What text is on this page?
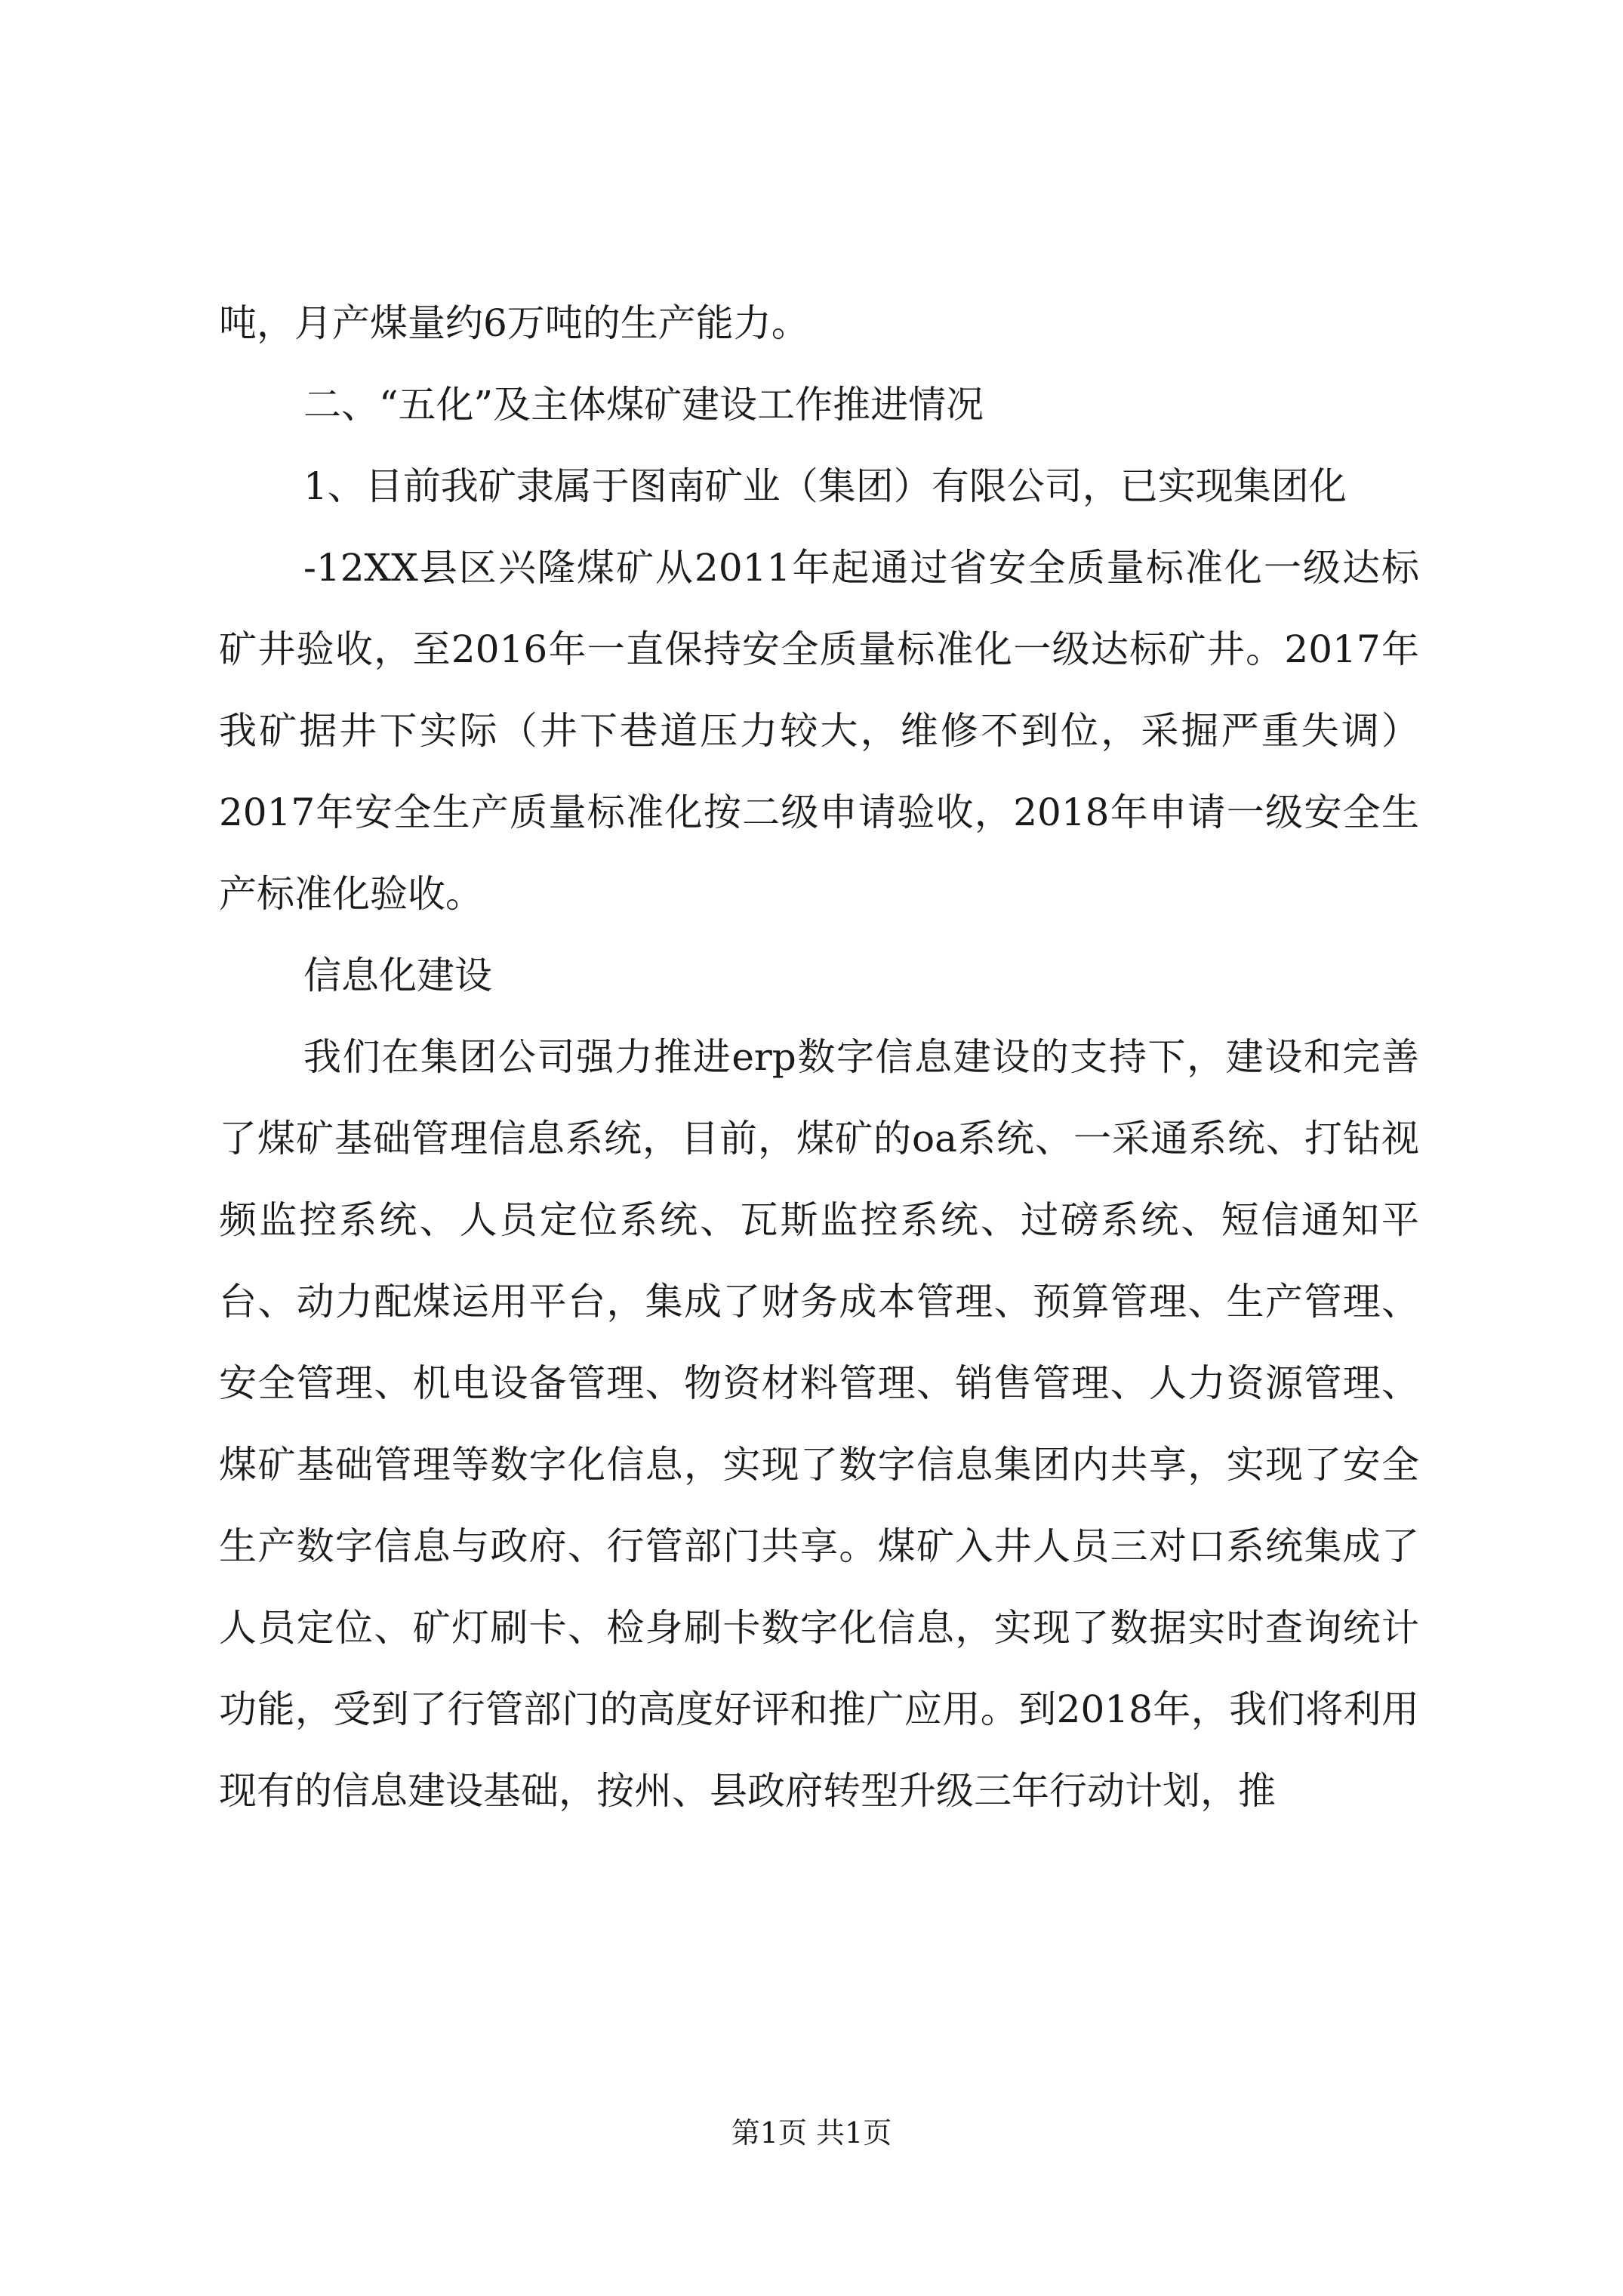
吨，月产煤量约6万吨的生产能力。

二、“五化”及主体煤矿建设工作推进情况

1、目前我矿隶属于图南矿业（集团）有限公司，已实现集团化

-12XX县区兴隆煤矿从2011年起通过省安全质量标准化一级达标矿井验收，至2016年一直保持安全质量标准化一级达标矿井。2017年我矿据井下实际（井下巷道压力较大，维修不到位，采掘严重失调）2017年安全生产质量标准化按二级申请验收，2018年申请一级安全生产标准化验收。

信息化建设

我们在集团公司强力推进erp数字信息建设的支持下，建设和完善了煤矿基础管理信息系统，目前，煤矿的oa系统、一采通系统、打钻视频监控系统、人员定位系统、瓦斯监控系统、过磅系统、短信通知平台、动力配煤运用平台，集成了财务成本管理、预算管理、生产管理、安全管理、机电设备管理、物资材料管理、销售管理、人力资源管理、煤矿基础管理等数字化信息，实现了数字信息集团内共享，实现了安全生产数字信息与政府、行管部门共享。煤矿入井人员三对口系统集成了人员定位、矿灯刷卡、检身刷卡数字化信息，实现了数据实时查询统计功能，受到了行管部门的高度好评和推广应用。到2018年，我们将利用现有的信息建设基础，按州、县政府转型升级三年行动计划，推

第1页 共1页
